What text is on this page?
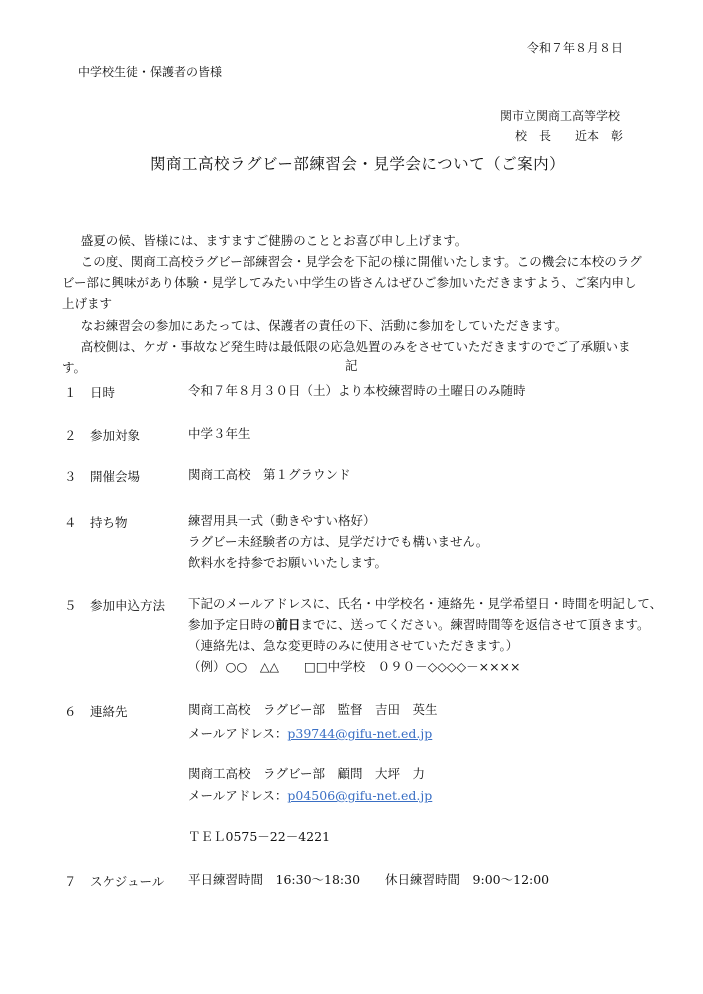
令和７年８月８日
中学校生徒・保護者の皆様
関市立関商工高等学校
校　長　　近本　彰
関商工高校ラグビー部練習会・見学会について（ご案内）
盛夏の候、皆様には、ますますご健勝のこととお喜び申し上げます。
この度、関商工高校ラグビー部練習会・見学会を下記の様に開催いたします。この機会に本校のラグビー部に興味があり体験・見学してみたい中学生の皆さんはぜひご参加いただきますよう、ご案内申し上げます
なお練習会の参加にあたっては、保護者の責任の下、活動に参加をしていただきます。
高校側は、ケガ・事故など発生時は最低限の応急処置のみをさせていただきますのでご了承願います。	記
１ 日時	令和７年８月３０日（土）より本校練習時の土曜日のみ随時
２ 参加対象	中学３年生
３ 開催会場	関商工高校　第１グラウンド
４ 持ち物	練習用具一式（動きやすい格好）
ラグビー未経験者の方は、見学だけでも構いません。
飲料水を持参でお願いいたします。
５ 参加申込方法 下記のメールアドレスに、氏名・中学校名・連絡先・見学希望日・時間を明記して、
参加予定日時の前日までに、送ってください。練習時間等を返信させて頂きます。
（連絡先は、急な変更時のみに使用させていただきます。）
（例）○○　△△　　□□中学校　０９０－◇◇◇◇－××××
６ 連絡先	関商工高校　ラグビー部　監督　吉田　英生
メールアドレス：p39744@gifu-net.ed.jp
関商工高校　ラグビー部　顧問　大坪　力
メールアドレス：p04506@gifu-net.ed.jp
ＴＥＬ0575－22－4221
７ スケジュール 平日練習時間　16:30～18:30　　休日練習時間　9:00～12:00
